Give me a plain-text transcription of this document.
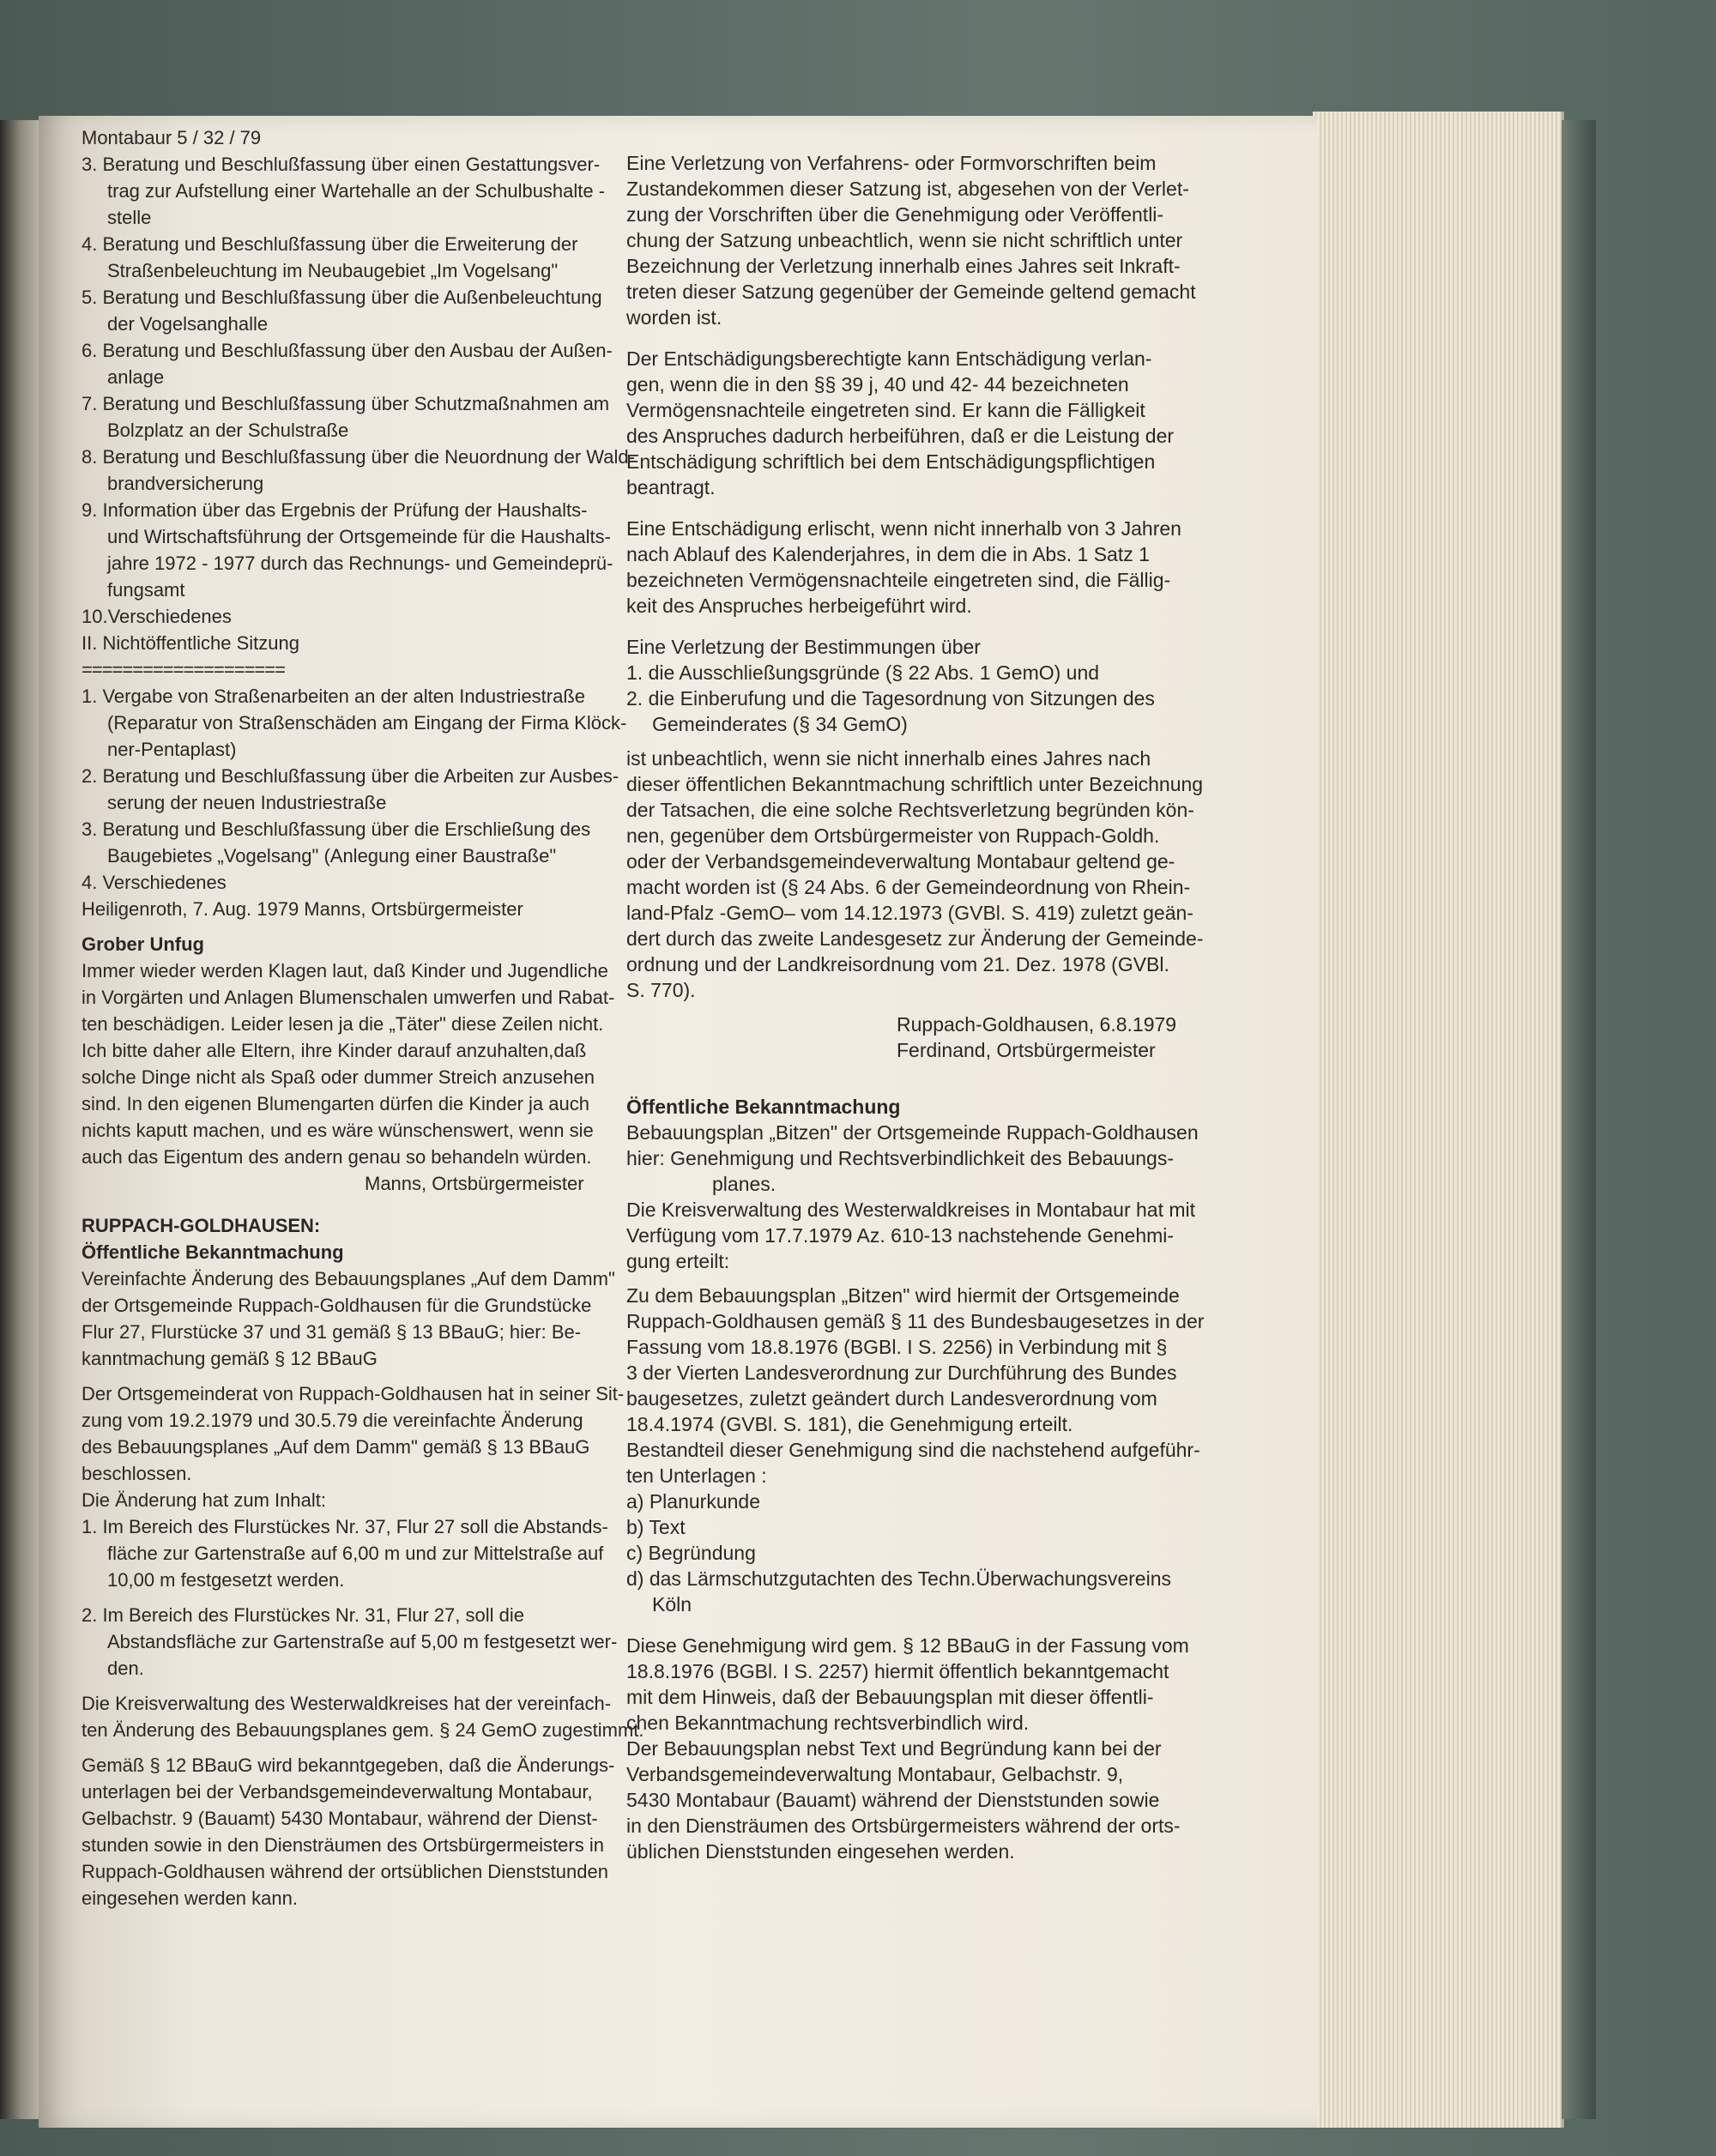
Montabaur 5 / 32 / 79
3. Beratung und Beschlußfassung über einen Gestattungsver-
trag zur Aufstellung einer Wartehalle an der Schulbushalte -
stelle
4. Beratung und Beschlußfassung über die Erweiterung der
Straßenbeleuchtung im Neubaugebiet „Im Vogelsang"
5. Beratung und Beschlußfassung über die Außenbeleuchtung
der Vogelsanghalle
6. Beratung und Beschlußfassung über den Ausbau der Außen-
anlage
7. Beratung und Beschlußfassung über Schutzmaßnahmen am
Bolzplatz an der Schulstraße
8. Beratung und Beschlußfassung über die Neuordnung der Wald-
brandversicherung
9. Information über das Ergebnis der Prüfung der Haushalts-
und Wirtschaftsführung der Ortsgemeinde für die Haushalts-
jahre 1972 - 1977 durch das Rechnungs- und Gemeindeprü-
fungsamt
10.Verschiedenes
II. Nichtöffentliche Sitzung
====================
1. Vergabe von Straßenarbeiten an der alten Industriestraße
(Reparatur von Straßenschäden am Eingang der Firma Klöck-
ner-Pentaplast)
2. Beratung und Beschlußfassung über die Arbeiten zur Ausbes-
serung der neuen Industriestraße
3. Beratung und Beschlußfassung über die Erschließung des
Baugebietes „Vogelsang" (Anlegung einer Baustraße"
4. Verschiedenes
Heiligenroth, 7. Aug. 1979 Manns, Ortsbürgermeister
Grober Unfug
Immer wieder werden Klagen laut, daß Kinder und Jugendliche
in Vorgärten und Anlagen Blumenschalen umwerfen und Rabat-
ten beschädigen. Leider lesen ja die „Täter" diese Zeilen nicht.
Ich bitte daher alle Eltern, ihre Kinder darauf anzuhalten,daß
solche Dinge nicht als Spaß oder dummer Streich anzusehen
sind. In den eigenen Blumengarten dürfen die Kinder ja auch
nichts kaputt machen, und es wäre wünschenswert, wenn sie
auch das Eigentum des andern genau so behandeln würden.
Manns, Ortsbürgermeister
RUPPACH-GOLDHAUSEN:
Öffentliche Bekanntmachung
Vereinfachte Änderung des Bebauungsplanes „Auf dem Damm"
der Ortsgemeinde Ruppach-Goldhausen für die Grundstücke
Flur 27, Flurstücke 37 und 31 gemäß § 13 BBauG; hier: Be-
kanntmachung gemäß § 12 BBauG
Der Ortsgemeinderat von Ruppach-Goldhausen hat in seiner Sit-
zung vom 19.2.1979 und 30.5.79 die vereinfachte Änderung
des Bebauungsplanes „Auf dem Damm" gemäß § 13 BBauG
beschlossen.
Die Änderung hat zum Inhalt:
1. Im Bereich des Flurstückes Nr. 37, Flur 27 soll die Abstands-
fläche zur Gartenstraße auf 6,00 m und zur Mittelstraße auf
10,00 m festgesetzt werden.
2. Im Bereich des Flurstückes Nr. 31, Flur 27, soll die
Abstandsfläche zur Gartenstraße auf 5,00 m festgesetzt wer-
den.
Die Kreisverwaltung des Westerwaldkreises hat der vereinfach-
ten Änderung des Bebauungsplanes gem. § 24 GemO zugestimmt.
Gemäß § 12 BBauG wird bekanntgegeben, daß die Änderungs-
unterlagen bei der Verbandsgemeindeverwaltung Montabaur,
Gelbachstr. 9 (Bauamt) 5430 Montabaur, während der Dienst-
stunden sowie in den Diensträumen des Ortsbürgermeisters in
Ruppach-Goldhausen während der ortsüblichen Dienststunden
eingesehen werden kann.
Eine Verletzung von Verfahrens- oder Formvorschriften beim
Zustandekommen dieser Satzung ist, abgesehen von der Verlet-
zung der Vorschriften über die Genehmigung oder Veröffentli-
chung der Satzung unbeachtlich, wenn sie nicht schriftlich unter
Bezeichnung der Verletzung innerhalb eines Jahres seit Inkraft-
treten dieser Satzung gegenüber der Gemeinde geltend gemacht
worden ist.
Der Entschädigungsberechtigte kann Entschädigung verlan-
gen, wenn die in den §§ 39 j, 40 und 42- 44 bezeichneten
Vermögensnachteile eingetreten sind. Er kann die Fälligkeit
des Anspruches dadurch herbeiführen, daß er die Leistung der
Entschädigung schriftlich bei dem Entschädigungspflichtigen
beantragt.
Eine Entschädigung erlischt, wenn nicht innerhalb von 3 Jahren
nach Ablauf des Kalenderjahres, in dem die in Abs. 1 Satz 1
bezeichneten Vermögensnachteile eingetreten sind, die Fällig-
keit des Anspruches herbeigeführt wird.
Eine Verletzung der Bestimmungen über
1. die Ausschließungsgründe (§ 22 Abs. 1 GemO) und
2. die Einberufung und die Tagesordnung von Sitzungen des
Gemeinderates (§ 34 GemO)
ist unbeachtlich, wenn sie nicht innerhalb eines Jahres nach
dieser öffentlichen Bekanntmachung schriftlich unter Bezeichnung
der Tatsachen, die eine solche Rechtsverletzung begründen kön-
nen, gegenüber dem Ortsbürgermeister von Ruppach-Goldh.
oder der Verbandsgemeindeverwaltung Montabaur geltend ge-
macht worden ist (§ 24 Abs. 6 der Gemeindeordnung von Rhein-
land-Pfalz -GemO– vom 14.12.1973 (GVBl. S. 419) zuletzt geän-
dert durch das zweite Landesgesetz zur Änderung der Gemeinde-
ordnung und der Landkreisordnung vom 21. Dez. 1978 (GVBl.
S. 770).
Ruppach-Goldhausen, 6.8.1979
Ferdinand, Ortsbürgermeister
Öffentliche Bekanntmachung
Bebauungsplan „Bitzen" der Ortsgemeinde Ruppach-Goldhausen
hier: Genehmigung und Rechtsverbindlichkeit des Bebauungs-
planes.
Die Kreisverwaltung des Westerwaldkreises in Montabaur hat mit
Verfügung vom 17.7.1979 Az. 610-13 nachstehende Genehmi-
gung erteilt:
Zu dem Bebauungsplan „Bitzen" wird hiermit der Ortsgemeinde
Ruppach-Goldhausen gemäß § 11 des Bundesbaugesetzes in der
Fassung vom 18.8.1976 (BGBl. I S. 2256) in Verbindung mit §
3 der Vierten Landesverordnung zur Durchführung des Bundes
baugesetzes, zuletzt geändert durch Landesverordnung vom
18.4.1974 (GVBl. S. 181), die Genehmigung erteilt.
Bestandteil dieser Genehmigung sind die nachstehend aufgeführ-
ten Unterlagen :
a) Planurkunde
b) Text
c) Begründung
d) das Lärmschutzgutachten des Techn.Überwachungsvereins
Köln
Diese Genehmigung wird gem. § 12 BBauG in der Fassung vom
18.8.1976 (BGBl. I S. 2257) hiermit öffentlich bekanntgemacht
mit dem Hinweis, daß der Bebauungsplan mit dieser öffentli-
chen Bekanntmachung rechtsverbindlich wird.
Der Bebauungsplan nebst Text und Begründung kann bei der
Verbandsgemeindeverwaltung Montabaur, Gelbachstr. 9,
5430 Montabaur (Bauamt) während der Dienststunden sowie
in den Diensträumen des Ortsbürgermeisters während der orts-
üblichen Dienststunden eingesehen werden.
